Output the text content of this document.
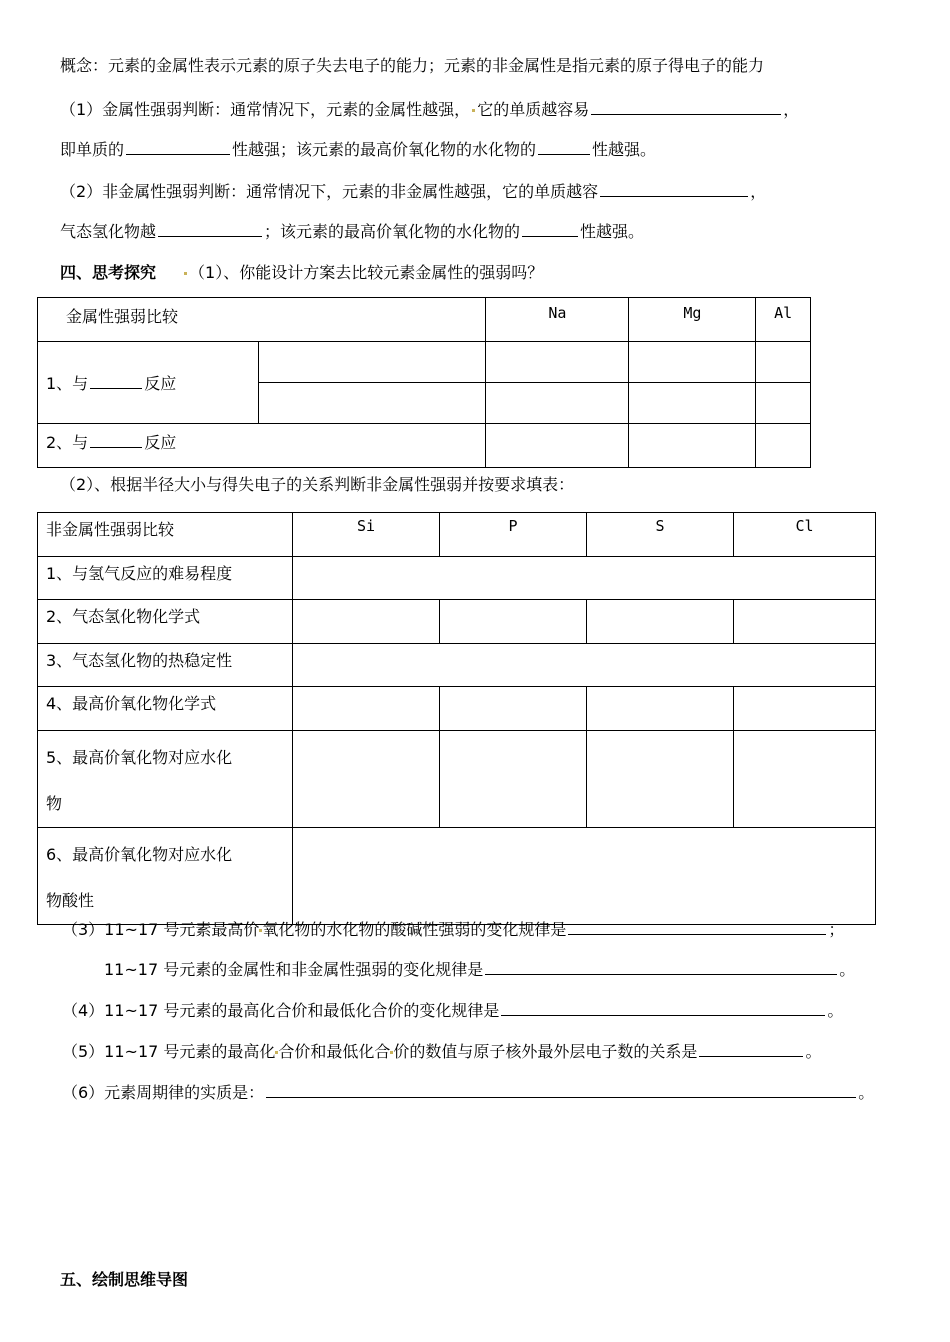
概念：元素的金属性表示元素的原子失去电子的能力；元素的非金属性是指元素的原子得电子的能力
（1）金属性强弱判断：通常情况下，元素的金属性越强， 它的单质越容易	，
即单质的	性越强；该元素的最高价氧化物的水化物的	性越强。
（2）非金属性强弱判断：通常情况下，元素的非金属性越强，它的单质越容	，
气态氢化物越	；该元素的最高价氧化物的水化物的	性越强。
四、思考探究 （1）、你能设计方案去比较元素金属性的强弱吗？
金属性强弱比较		Na	Mg	Al
1、与 反应				

2、与 反应				
（2）、根据半径大小与得失电子的关系判断非金属性强弱并按要求填表：
非金属性强弱比较	Si	P	S	Cl
1、与氢气反应的难易程度				
2、气态氢化物化学式				
3、气态氢化物的热稳定性				
4、最高价氧化物化学式				

5、最高价氧化物对应水化
物				

6、最高价氧化物对应水化
物酸性				

（3）11~17 号元素最高价 氧化物的水化物的酸碱性强弱的变化规律是	；
11~17 号元素的金属性和非金属性强弱的变化规律是	。
（4）11~17 号元素的最高化合价和最低化合价的变化规律是	。
（5）11~17 号元素的最高化 合价和最低化合 价的数值与原子核外最外层电子数的关系是	。
（6）元素周期律的实质是：	。
五、绘制思维导图
